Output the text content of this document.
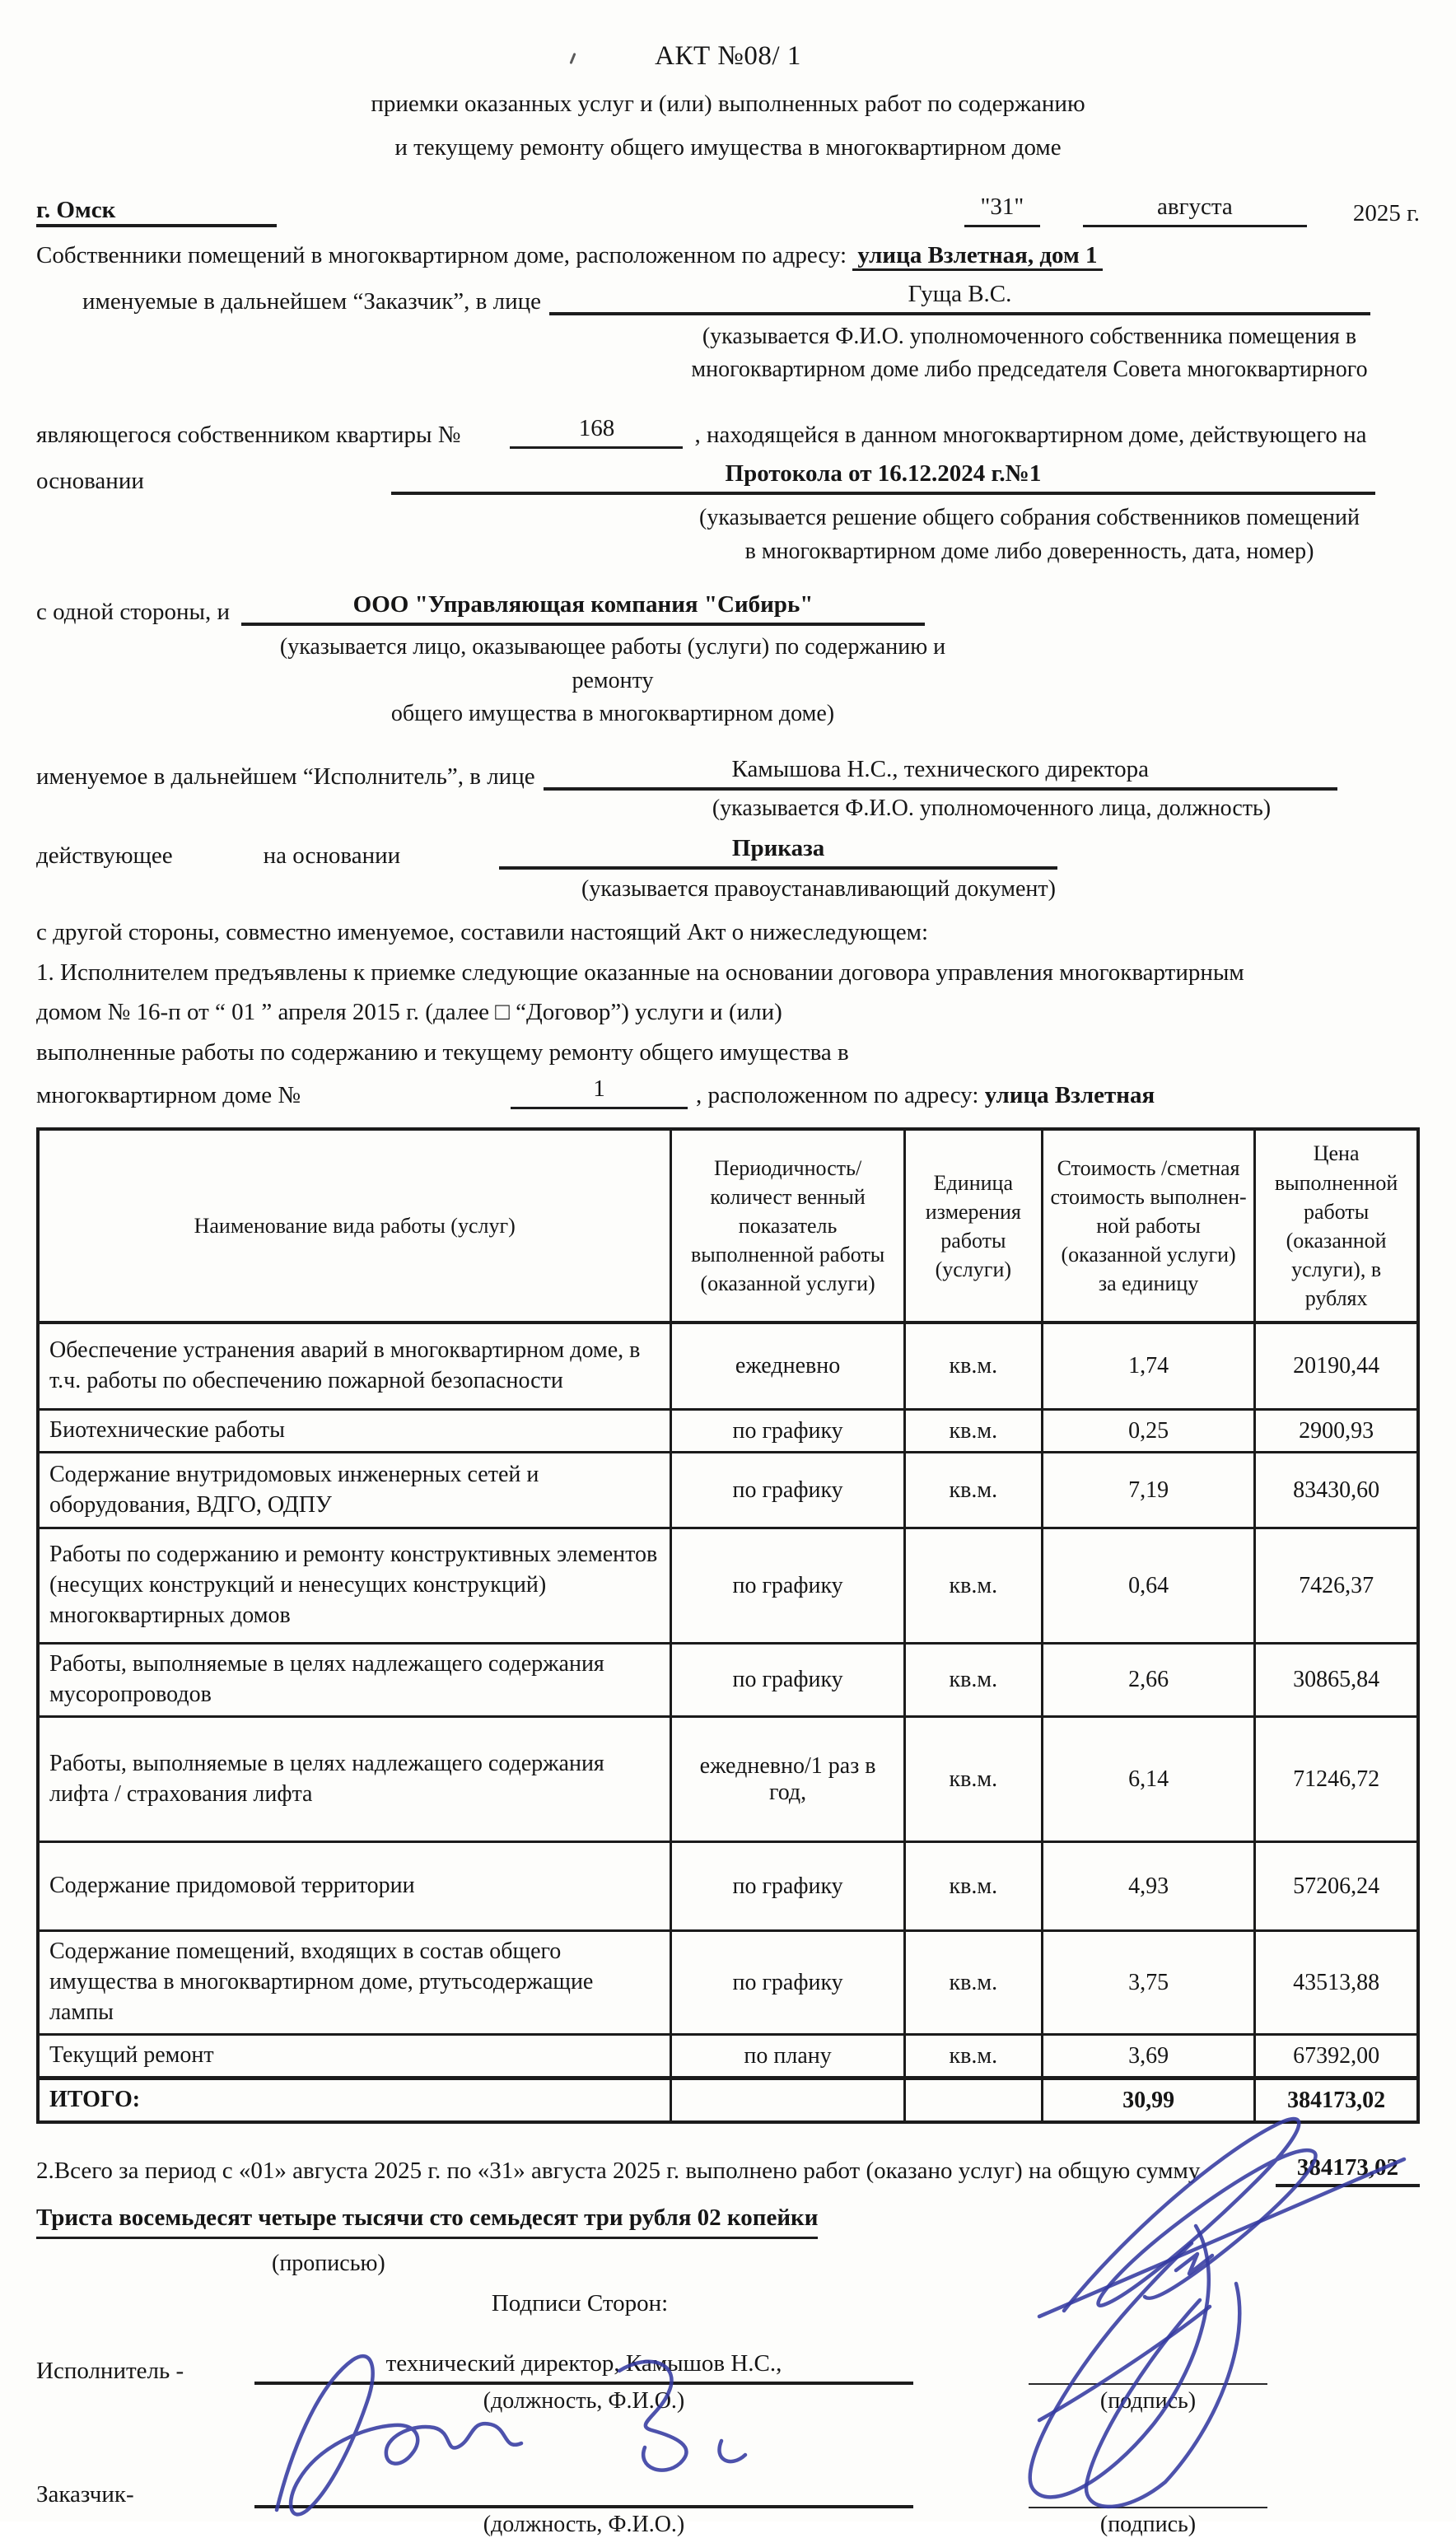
АКТ №08/ 1
приемки оказанных услуг и (или) выполненных работ по содержанию
и текущему ремонту общего имущества в многоквартирном доме
г. Омск	"31"	августа	2025 г.
Собственники помещений в многоквартирном доме, расположенном по адресу: улица Взлетная, дом 1
именуемые в дальнейшем “Заказчик”, в лице	Гуща В.С.
(указывается Ф.И.О. уполномоченного собственника помещения в
многоквартирном доме либо председателя Совета многоквартирного
являющегося собственником квартиры №	168	, находящейся в данном многоквартирном доме, действующего на
основании	Протокола от 16.12.2024 г.№1
(указывается решение общего собрания собственников помещений
в многоквартирном доме либо доверенность, дата, номер)
с одной стороны, и	ООО "Управляющая компания "Сибирь"
(указывается лицо, оказывающее работы (услуги) по содержанию и ремонту
общего имущества в многоквартирном доме)
именуемое в дальнейшем “Исполнитель”, в лице	Камышова Н.С., технического директора
(указывается Ф.И.О. уполномоченного лица, должность)
действующее	на основании	Приказа
(указывается правоустанавливающий документ)
с другой стороны, совместно именуемое, составили настоящий Акт о нижеследующем:
1. Исполнителем предъявлены к приемке следующие оказанные на основании договора управления многоквартирным
домом № 16-п от “ 01 ” апреля 2015 г. (далее □ “Договор”) услуги и (или)
выполненные работы по содержанию и текущему ремонту общего имущества в
многоквартирном доме №	1	, расположенном по адресу: улица Взлетная
Наименование вида работы (услуг)	Периодичность/количест венный показатель выполненной работы (оказанной услуги)	Единица измерения работы (услуги)	Стоимость /сметная стоимость выполнен-ной работы (оказанной услуги) за единицу	Цена выполненной работы (оказанной услуги), в рублях
Обеспечение устранения аварий в многоквартирном доме, в т.ч. работы по обеспечению пожарной безопасности	ежедневно	кв.м.	1,74	20190,44
Биотехнические работы	по графику	кв.м.	0,25	2900,93
Содержание внутридомовых инженерных сетей и оборудования, ВДГО, ОДПУ	по графику	кв.м.	7,19	83430,60
Работы по содержанию и ремонту конструктивных элементов (несущих конструкций и ненесущих конструкций) многоквартирных домов	по графику	кв.м.	0,64	7426,37
Работы, выполняемые в целях надлежащего содержания мусоропроводов	по графику	кв.м.	2,66	30865,84
Работы, выполняемые в целях надлежащего содержания лифта / страхования лифта	ежедневно/1 раз в год,	кв.м.	6,14	71246,72
Содержание придомовой территории	по графику	кв.м.	4,93	57206,24
Содержание помещений, входящих в состав общего имущества в многоквартирном доме, ртутьсодержащие лампы	по графику	кв.м.	3,75	43513,88
Текущий ремонт	по плану	кв.м.	3,69	67392,00
ИТОГО:			30,99	384173,02
2.Всего за период с «01» августа 2025 г. по «31» августа 2025 г. выполнено работ (оказано услуг) на общую сумму	384173,02
Триста восемьдесят четыре тысячи сто семьдесят три рубля 02 копейки
(прописью)
Подписи Сторон:
Исполнитель -	технический директор, Камышов Н.С.,
(должность, Ф.И.О.)	(подпись)
Заказчик-
(должность, Ф.И.О.)	(подпись)
